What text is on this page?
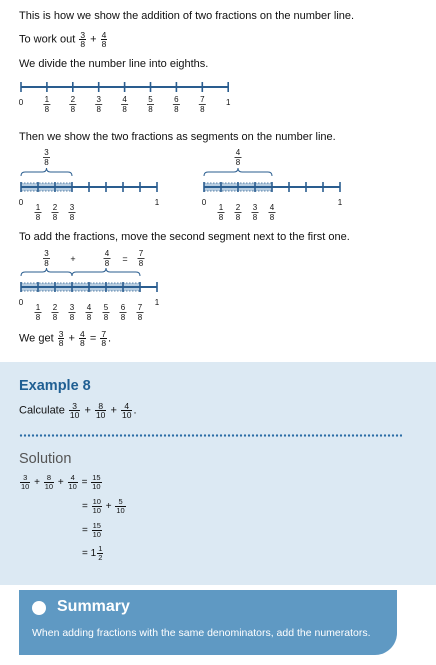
This is how we show the addition of two fractions on the number line.
To work out $\frac{3}{8} + \frac{4}{8}$
We divide the number line into eighths.
0	1
1
8
2
8
3
8
4
8
5
8
6
8
7
8
0	1
1
8
2
8
3
8
3
8
0	1
1
8
2
8
3
8
4
8
4
8
0	1
1
8
2
8
3
8
4
8
5
8
6
8
7
8
3
8 +
4
8 =
7
8
Then we show the two fractions as segments on the number line.
To add the fractions, move the second segment next to the first one.
We get $\frac{3}{8} + \frac{4}{8} = \frac{7}{8}$ .
Example 8
Calculate $\frac{3}{10} + \frac{8}{10} + \frac{4}{10}$ .
Solution
$\frac{3}{10} + \frac{8}{10} + \frac{4}{10} = \frac{15}{10}$
= $\frac{10}{10} + \frac{5}{10}$
= $\frac{15}{10}$
= $1 \frac{1}{2}$
Summary
When adding fractions with the same denominators, add the numerators.
